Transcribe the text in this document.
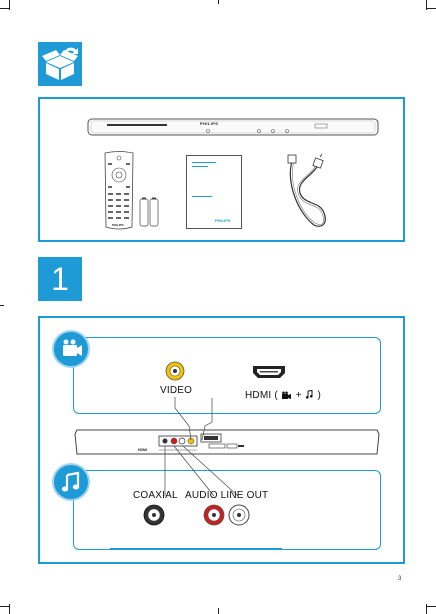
PHILIPS
PHILIPS
PHILIPS
1
VIDEO	HDMI ( + )
HDMI
COAXIAL AUDIO LINE OUT
3
